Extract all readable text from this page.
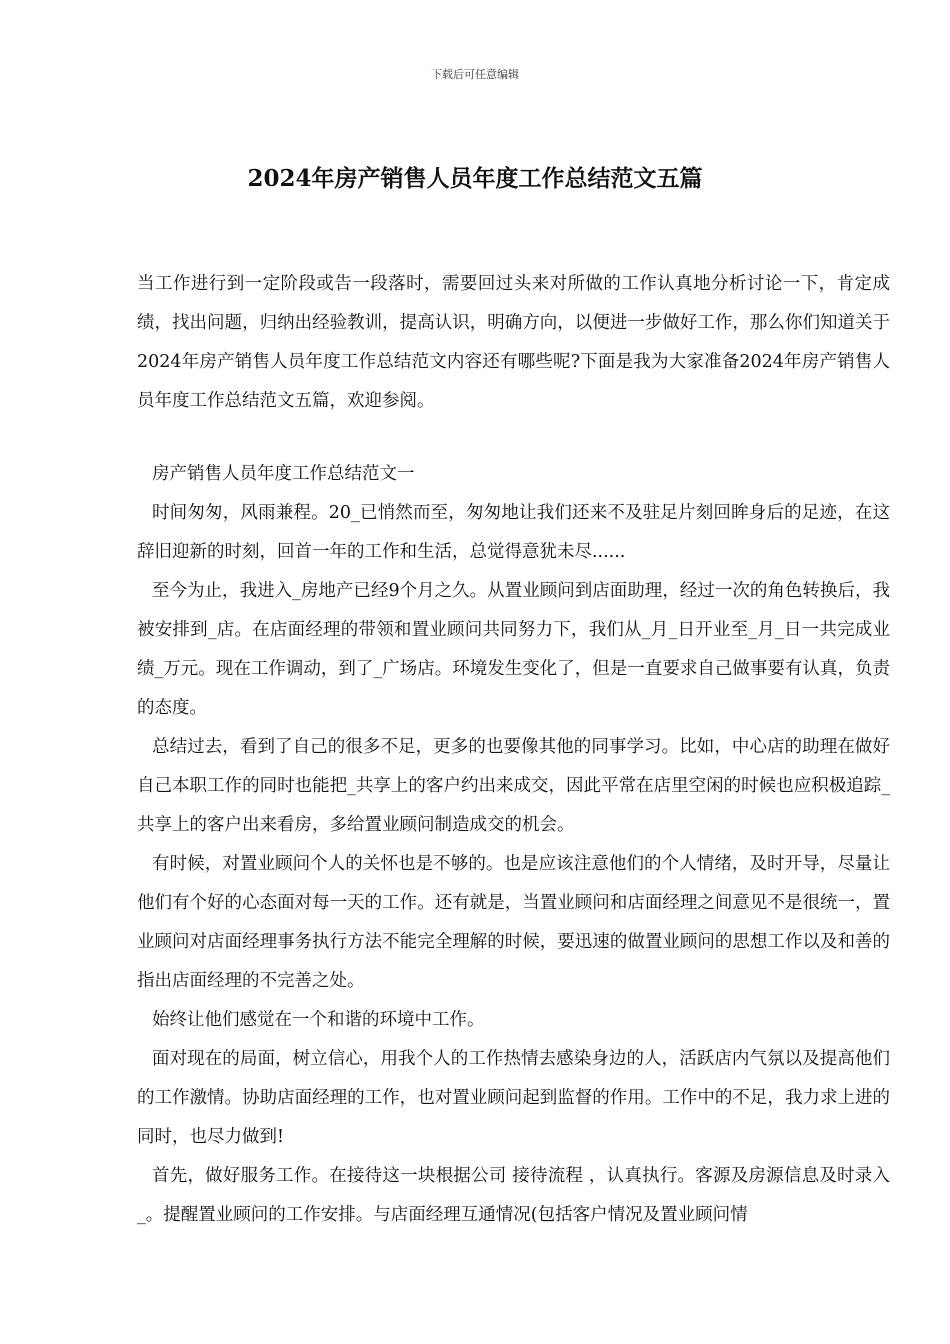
下载后可任意编辑
2024年房产销售人员年度工作总结范文五篇

当工作进行到一定阶段或告一段落时，需要回过头来对所做的工作认真地分析讨论一下，肯定成绩，找出问题，归纳出经验教训，提高认识，明确方向，以便进一步做好工作，那么你们知道关于2024年房产销售人员年度工作总结范文内容还有哪些呢?下面是我为大家准备2024年房产销售人员年度工作总结范文五篇，欢迎参阅。

房产销售人员年度工作总结范文一

时间匆匆，风雨兼程。20_已悄然而至，匆匆地让我们还来不及驻足片刻回眸身后的足迹，在这辞旧迎新的时刻，回首一年的工作和生活，总觉得意犹未尽......

至今为止，我进入_房地产已经9个月之久。从置业顾问到店面助理，经过一次的角色转换后，我被安排到_店。在店面经理的带领和置业顾问共同努力下，我们从_月_日开业至_月_日一共完成业绩_万元。现在工作调动，到了_广场店。环境发生变化了，但是一直要求自己做事要有认真，负责的态度。

总结过去，看到了自己的很多不足，更多的也要像其他的同事学习。比如，中心店的助理在做好自己本职工作的同时也能把_共享上的客户约出来成交，因此平常在店里空闲的时候也应积极追踪_共享上的客户出来看房，多给置业顾问制造成交的机会。

有时候，对置业顾问个人的关怀也是不够的。也是应该注意他们的个人情绪，及时开导，尽量让他们有个好的心态面对每一天的工作。还有就是，当置业顾问和店面经理之间意见不是很统一，置业顾问对店面经理事务执行方法不能完全理解的时候，要迅速的做置业顾问的思想工作以及和善的指出店面经理的不完善之处。

始终让他们感觉在一个和谐的环境中工作。

面对现在的局面，树立信心，用我个人的工作热情去感染身边的人，活跃店内气氛以及提高他们的工作激情。协助店面经理的工作，也对置业顾问起到监督的作用。工作中的不足，我力求上进的同时，也尽力做到!

首先，做好服务工作。在接待这一块根据公司 接待流程 ，认真执行。客源及房源信息及时录入_。提醒置业顾问的工作安排。与店面经理互通情况(包括客户情况及置业顾问情
